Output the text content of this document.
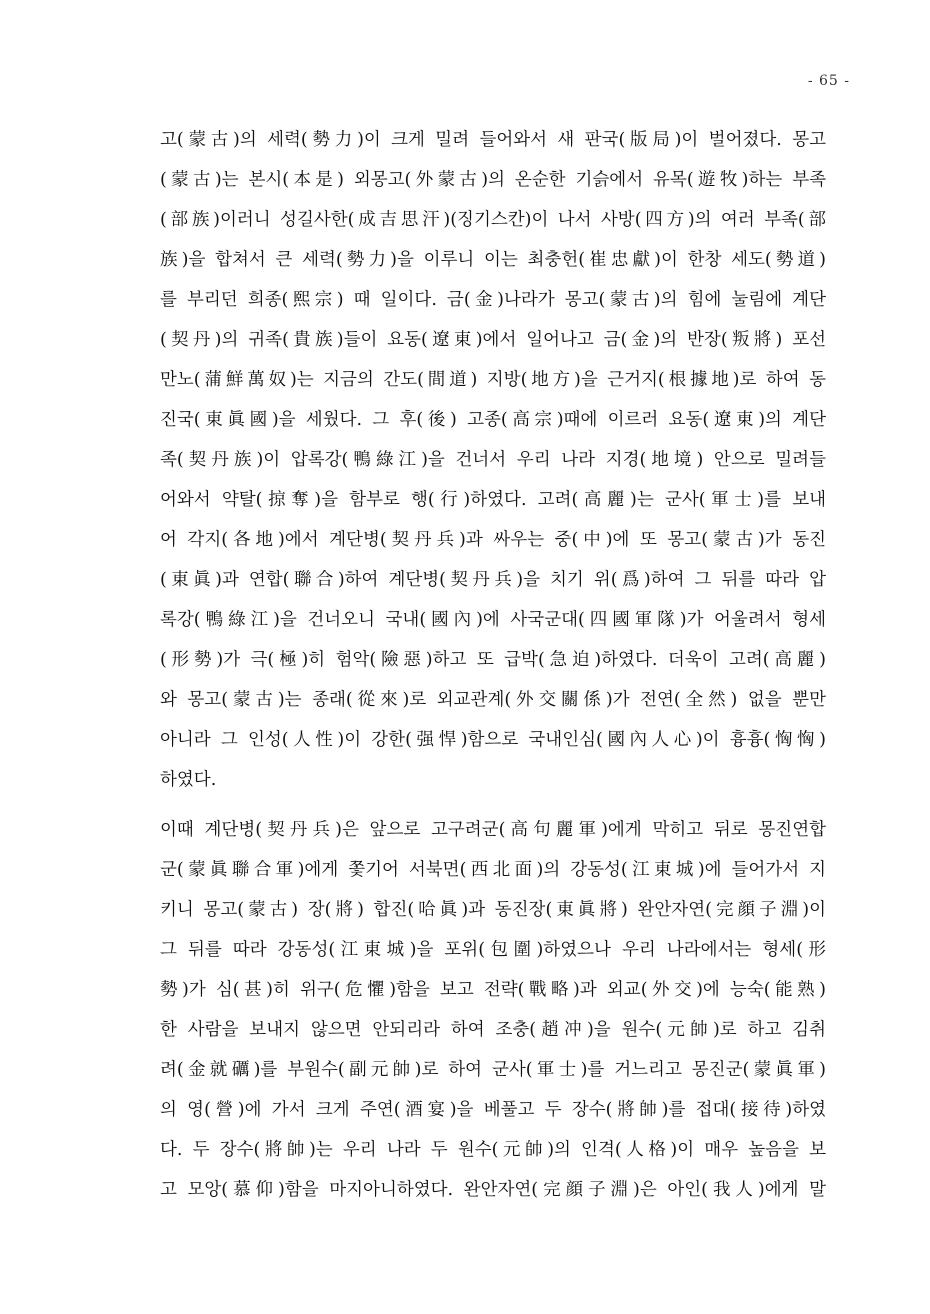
- 65 -
고(蒙古)의 세력(勢力)이 크게 밀려 들어와서 새 판국(版局)이 벌어졌다. 몽고
(蒙古)는 본시(本是) 외몽고(外蒙古)의 온순한 기슭에서 유목(遊牧)하는 부족
(部族)이러니 성길사한(成吉思汗)(징기스칸)이 나서 사방(四方)의 여러 부족(部
族)을 합쳐서 큰 세력(勢力)을 이루니 이는 최충헌(崔忠獻)이 한창 세도(勢道)
를 부리던 희종(熙宗) 때 일이다. 금(金)나라가 몽고(蒙古)의 힘에 눌림에 계단
(契丹)의 귀족(貴族)들이 요동(遼東)에서 일어나고 금(金)의 반장(叛將) 포선
만노(蒲鮮萬奴)는 지금의 간도(間道) 지방(地方)을 근거지(根據地)로 하여 동
진국(東眞國)을 세웠다. 그 후(後) 고종(高宗)때에 이르러 요동(遼東)의 계단
족(契丹族)이 압록강(鴨綠江)을 건너서 우리 나라 지경(地境) 안으로 밀려들
어와서 약탈(掠奪)을 함부로 행(行)하였다. 고려(高麗)는 군사(軍士)를 보내
어 각지(各地)에서 계단병(契丹兵)과 싸우는 중(中)에 또 몽고(蒙古)가 동진
(東眞)과 연합(聯合)하여 계단병(契丹兵)을 치기 위(爲)하여 그 뒤를 따라 압
록강(鴨綠江)을 건너오니 국내(國內)에 사국군대(四國軍隊)가 어울려서 형세
(形勢)가 극(極)히 험악(險惡)하고 또 급박(急迫)하였다. 더욱이 고려(高麗)
와 몽고(蒙古)는 종래(從來)로 외교관계(外交關係)가 전연(全然) 없을 뿐만
아니라 그 인성(人性)이 강한(强悍)함으로 국내인심(國內人心)이 흉흉(恟恟)
하였다.
이때 계단병(契丹兵)은 앞으로 고구려군(高句麗軍)에게 막히고 뒤로 몽진연합
군(蒙眞聯合軍)에게 쫓기어 서북면(西北面)의 강동성(江東城)에 들어가서 지
키니 몽고(蒙古) 장(將) 합진(哈眞)과 동진장(東眞將) 완안자연(完顔子淵)이
그 뒤를 따라 강동성(江東城)을 포위(包圍)하였으나 우리 나라에서는 형세(形
勢)가 심(甚)히 위구(危懼)함을 보고 전략(戰略)과 외교(外交)에 능숙(能熟)
한 사람을 보내지 않으면 안되리라 하여 조충(趙冲)을 원수(元帥)로 하고 김취
려(金就礪)를 부원수(副元帥)로 하여 군사(軍士)를 거느리고 몽진군(蒙眞軍)
의 영(營)에 가서 크게 주연(酒宴)을 베풀고 두 장수(將帥)를 접대(接待)하였
다. 두 장수(將帥)는 우리 나라 두 원수(元帥)의 인격(人格)이 매우 높음을 보
고 모앙(慕仰)함을 마지아니하였다. 완안자연(完顔子淵)은 아인(我人)에게 말
